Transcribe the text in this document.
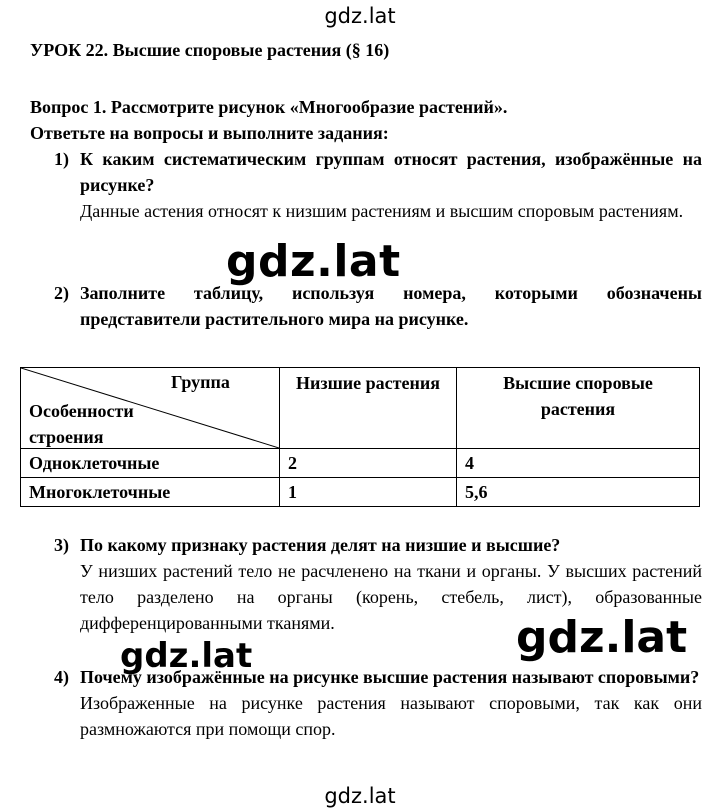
gdz.lat
УРОК 22. Высшие споровые растения (§ 16)
Вопрос 1. Рассмотрите рисунок «Многообразие растений».
Ответьте на вопросы и выполните задания:
1) К каким систематическим группам относят растения, изображённые на рисунке?
Данные астения относят к низшим растениям и высшим споровым растениям.
gdz.lat
2) Заполните таблицу, используя номера, которыми обозначены представители растительного мира на рисунке.
Группа
Особенности строения	Низшие растения	Высшие споровые растения
Одноклеточные	2	4
Многоклеточные	1	5,6
3) По какому признаку растения делят на низшие и высшие?
У низших растений тело не расчленено на ткани и органы. У высших растений тело разделено на органы (корень, стебель, лист), образованные дифференцированными тканями.
gdz.lat	gdz.lat
4) Почему изображённые на рисунке высшие растения называют споровыми?
Изображенные на рисунке растения называют споровыми, так как они размножаются при помощи спор.
gdz.lat
